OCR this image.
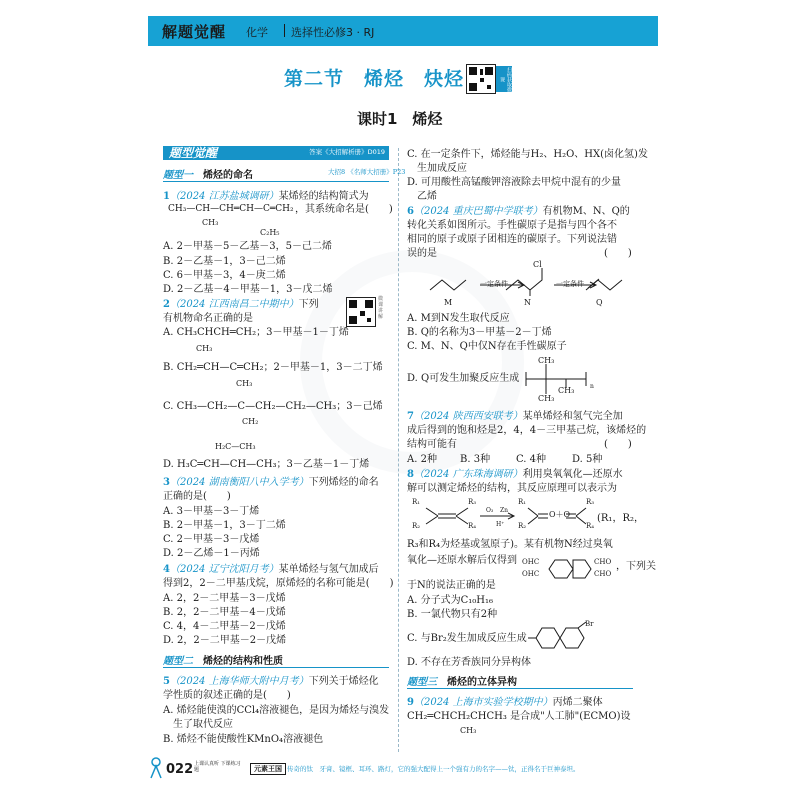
解题觉醒 化学 选择性必修3 · RJ
第二节　烯烃　炔烃	扫码获取微课
课时1　烯烃
题型觉醒	答案《大招解析册》D019
题型一　 烯烃的命名	大招8 《名师大招册》P23
1（2024 江苏盐城调研）某烯烃的结构简式为
CH₃—CH—CH═CH—C═CH₂ ，其系统命名是(　　)
CH₃
C₂H₅
A. 2－甲基－5－乙基－3，5－己二烯
B. 2－乙基－1，3－己二烯
C. 6－甲基－3，4－庚二烯
D. 2－乙基－4－甲基－1，3－戊二烯
2（2024 江西南昌二中期中）下列
有机物命名正确的是
微课讲解
A. CH₃CHCH═CH₂；3－甲基－1－丁烯
CH₃
B. CH₂═CH—C═CH₂；2－甲基－1，3－二丁烯
CH₃
C. CH₃—CH₂—C—CH₂—CH₂—CH₃；3－己烯
CH₂
H₂C—CH₃
D. H₃C═CH—CH—CH₃；3－乙基－1－丁烯
3（2024 湖南衡阳八中入学考）下列烯烃的命名
正确的是(　　)
A. 3－甲基－3－丁烯
B. 2－甲基－1，3－丁二烯
C. 2－甲基－3－戊烯
D. 2－乙烯－1－丙烯
4（2024 辽宁沈阳月考）某单烯烃与氢气加成后
得到2，2－二甲基戊烷，原烯烃的名称可能是(　　)
A. 2，2－二甲基－3－戊烯
B. 2，2－二甲基－4－戊烯
C. 4，4－二甲基－2－戊烯
D. 2，2－二甲基－2－戊烯
题型二　 烯烃的结构和性质
5（2024 上海华师大附中月考）下列关于烯烃化
学性质的叙述正确的是(　　)
A. 烯烃能使溴的CCl₄溶液褪色，是因为烯烃与溴发
　生了取代反应
B. 烯烃不能使酸性KMnO₄溶液褪色
C. 在一定条件下，烯烃能与H₂、H₂O、HX(卤化氢)发
　生加成反应
D. 可用酸性高锰酸钾溶液除去甲烷中混有的少量
　乙烯
6（2024 重庆巴蜀中学联考）有机物M、N、Q的
转化关系如图所示。手性碳原子是指与四个各不
相同的原子或原子团相连的碳原子。下列说法错
误的是	(　　)
一定条件	一定条件
Cl
M	N	Q
A. M到N发生取代反应
B. Q的名称为3－甲基－2－丁烯
C. M、N、Q中仅N存在手性碳原子
D. Q可发生加聚反应生成
n
CH₃
CH₃
CH₃
7（2024 陕西西安联考）某单烯烃和氢气完全加
成后得到的饱和烃是2，4，4－三甲基己烷，该烯烃的
结构可能有	(　　)
A. 2种 B. 3种	C. 4种	D. 5种
8（2024 广东珠海调研）利用臭氧氧化—还原水
解可以测定烯烃的结构，其反应原理可以表示为
R₁
R₂
R₃
R₄
O₃ Zn
H⁺
R₁
R₂
O＋O
R₃
R₄
(R₁，R₂，
R₃和R₄为烃基或氢原子)。某有机物N经过臭氧
氧化—还原水解后仅得到 OHC
OHC
CHO
CHO
，下列关
于N的说法正确的是
A. 分子式为C₁₀H₁₆
B. 一氯代物只有2种
C. 与Br₂发生加成反应生成
Br
D. 不存在芳香族同分异构体
题型三　 烯烃的立体异构
9（2024 上海市实验学校期中）丙烯二聚体
CH₂═CHCH₂CHCH₃ 是合成"人工肺"(ECMO)设
CH₃
022 上课认真听 下课练习题	元素王国 传奇的钛　牙膏、镜框、耳环、路灯，它的强大配得上一个强有力的名字——钛，正得名于巨神泰坦。
